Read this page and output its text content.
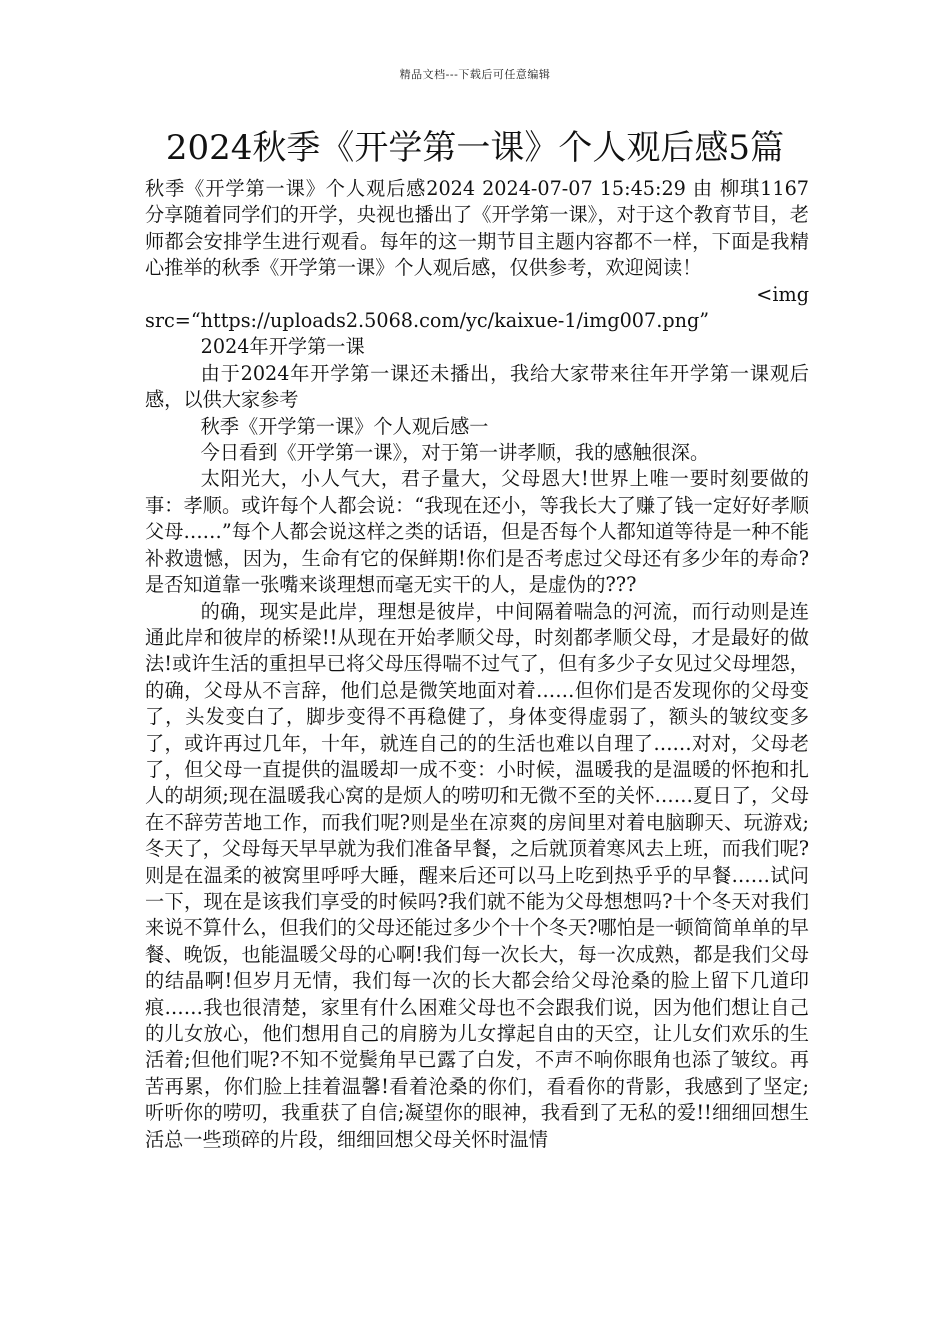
精品文档---下载后可任意编辑
2024秋季《开学第一课》个人观后感5篇

秋季《开学第一课》个人观后感2024 2024-07-07 15:45:29 由 柳琪1167分享随着同学们的开学，央视也播出了《开学第一课》，对于这个教育节目，老师都会安排学生进行观看。每年的这一期节目主题内容都不一样，下面是我精心推举的秋季《开学第一课》个人观后感，仅供参考，欢迎阅读！

<img
src=“https://uploads2.5068.com/yc/kaixue-1/img007.png”

2024年开学第一课

由于2024年开学第一课还未播出，我给大家带来往年开学第一课观后感，以供大家参考

秋季《开学第一课》个人观后感一

今日看到《开学第一课》，对于第一讲孝顺，我的感触很深。

太阳光大，小人气大，君子量大，父母恩大!世界上唯一要时刻要做的 事：孝顺。或许每个人都会说：“我现在还小，等我长大了赚了钱一定好好孝顺父母……”每个人都会说这样之类的话语，但是否每个人都知道等待是一种不能补救遗憾，因为，生命有它的保鲜期!你们是否考虑过父母还有多少年的寿命?是否知道靠一张嘴来谈理想而毫无实干的人，是虚伪的???

的确，现实是此岸，理想是彼岸，中间隔着喘急的河流，而行动则是连通此岸和彼岸的桥梁!!从现在开始孝顺父母，时刻都孝顺父母，才是最好的做法!或许生活的重担早已将父母压得喘不过气了，但有多少子女见过父母埋怨，的确，父母从不言辞，他们总是微笑地面对着……但你们是否发现你的父母变了，头发变白了，脚步变得不再稳健了，身体变得虚弱了，额头的皱纹变多了，或许再过几年，十年，就连自己的的生活也难以自理了……对对，父母老了，但父母一直提供的温暖却一成不变：小时候，温暖我的是温暖的怀抱和扎人的胡须;现在温暖我心窝的是烦人的唠叨和无微不至的关怀……夏日了，父母在不辞劳苦地工作，而我们呢?则是坐在凉爽的房间里对着电脑聊天、玩游戏;冬天了，父母每天早早就为我们准备早餐，之后就顶着寒风去上班，而我们呢?则是在温柔的被窝里呼呼大睡，醒来后还可以马上吃到热乎乎的早餐……试问一下，现在是该我们享受的时候吗?我们就不能为父母想想吗?十个冬天对我们来说不算什么，但我们的父母还能过多少个十个冬天?哪怕是一顿简简单单的早餐、晚饭，也能温暖父母的心啊!我们每一次长大，每一次成熟，都是我们父母的结晶啊!但岁月无情，我们每一次的长大都会给父母沧桑的脸上留下几道印痕……我也很清楚，家里有什么困难父母也不会跟我们说，因为他们想让自己的儿女放心，他们想用自己的肩膀为儿女撑起自由的天空，让儿女们欢乐的生活着;但他们呢?不知不觉鬓角早已露了白发，不声不响你眼角也添了皱纹。再苦再累，你们脸上挂着温馨!看着沧桑的你们，看看你的背影，我感到了坚定;听听你的唠叨，我重获了自信;凝望你的眼神，我看到了无私的爱!!细细回想生活总一些琐碎的片段，细细回想父母关怀时温情
